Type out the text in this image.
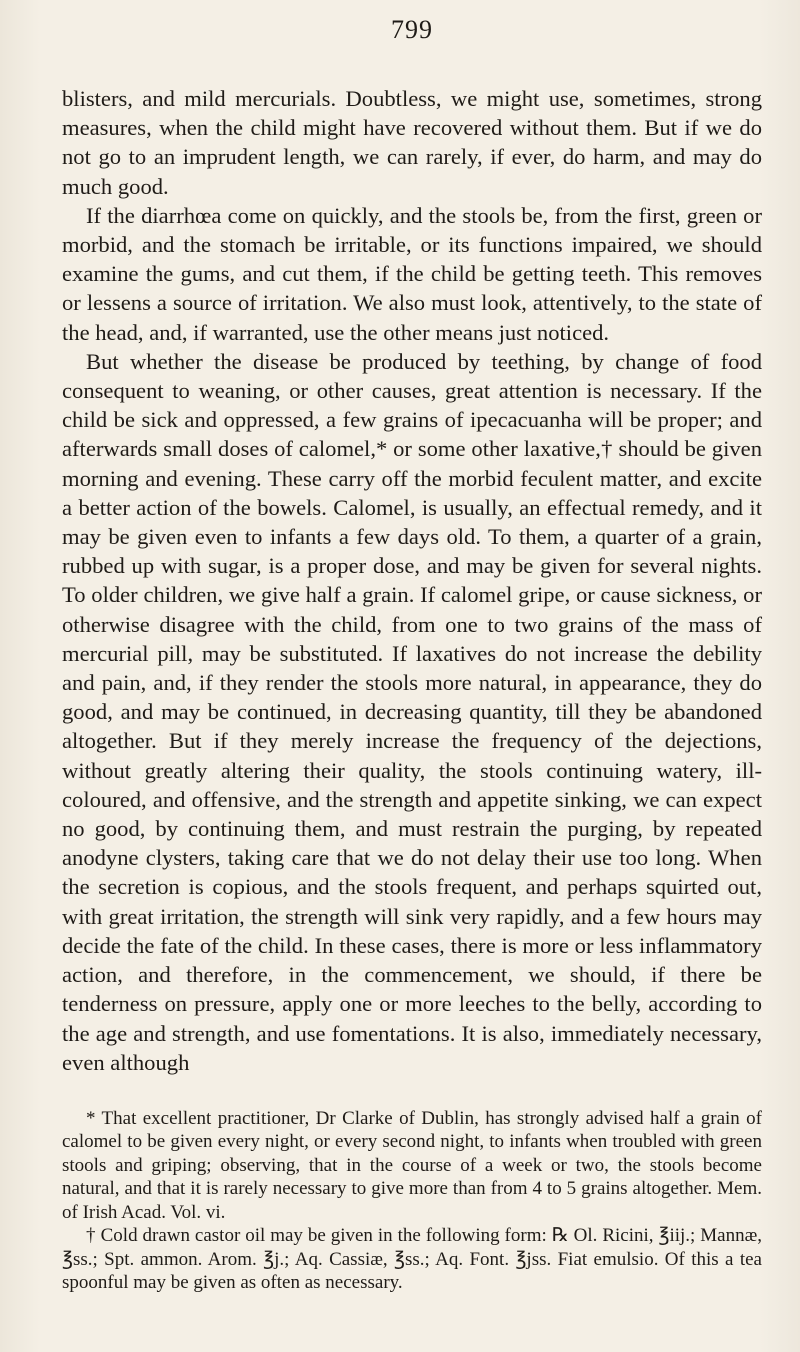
799

blisters, and mild mercurials. Doubtless, we might use, sometimes, strong measures, when the child might have recovered without them. But if we do not go to an imprudent length, we can rarely, if ever, do harm, and may do much good.

If the diarrhœa come on quickly, and the stools be, from the first, green or morbid, and the stomach be irritable, or its functions impaired, we should examine the gums, and cut them, if the child be getting teeth. This removes or lessens a source of irritation. We also must look, attentively, to the state of the head, and, if warranted, use the other means just noticed.

But whether the disease be produced by teething, by change of food consequent to weaning, or other causes, great attention is necessary. If the child be sick and oppressed, a few grains of ipecacuanha will be proper; and afterwards small doses of calomel,* or some other laxative,† should be given morning and evening. These carry off the morbid feculent matter, and excite a better action of the bowels. Calomel, is usually, an effectual remedy, and it may be given even to infants a few days old. To them, a quarter of a grain, rubbed up with sugar, is a proper dose, and may be given for several nights. To older children, we give half a grain. If calomel gripe, or cause sickness, or otherwise disagree with the child, from one to two grains of the mass of mercurial pill, may be substituted. If laxatives do not increase the debility and pain, and, if they render the stools more natural, in appearance, they do good, and may be continued, in decreasing quantity, till they be abandoned altogether. But if they merely increase the frequency of the dejections, without greatly altering their quality, the stools continuing watery, ill-coloured, and offensive, and the strength and appetite sinking, we can expect no good, by continuing them, and must restrain the purging, by repeated anodyne clysters, taking care that we do not delay their use too long. When the secretion is copious, and the stools frequent, and perhaps squirted out, with great irritation, the strength will sink very rapidly, and a few hours may decide the fate of the child. In these cases, there is more or less inflammatory action, and therefore, in the commencement, we should, if there be tenderness on pressure, apply one or more leeches to the belly, according to the age and strength, and use fomentations. It is also, immediately necessary, even although

* That excellent practitioner, Dr Clarke of Dublin, has strongly advised half a grain of calomel to be given every night, or every second night, to infants when troubled with green stools and griping; observing, that in the course of a week or two, the stools become natural, and that it is rarely necessary to give more than from 4 to 5 grains altogether. Mem. of Irish Acad. Vol. vi.

† Cold drawn castor oil may be given in the following form: ℞ Ol. Ricini, ℥iij.; Mannæ, ℥ss.; Spt. ammon. Arom. ℥j.; Aq. Cassiæ, ℥ss.; Aq. Font. ℥jss. Fiat emulsio. Of this a tea spoonful may be given as often as necessary.
